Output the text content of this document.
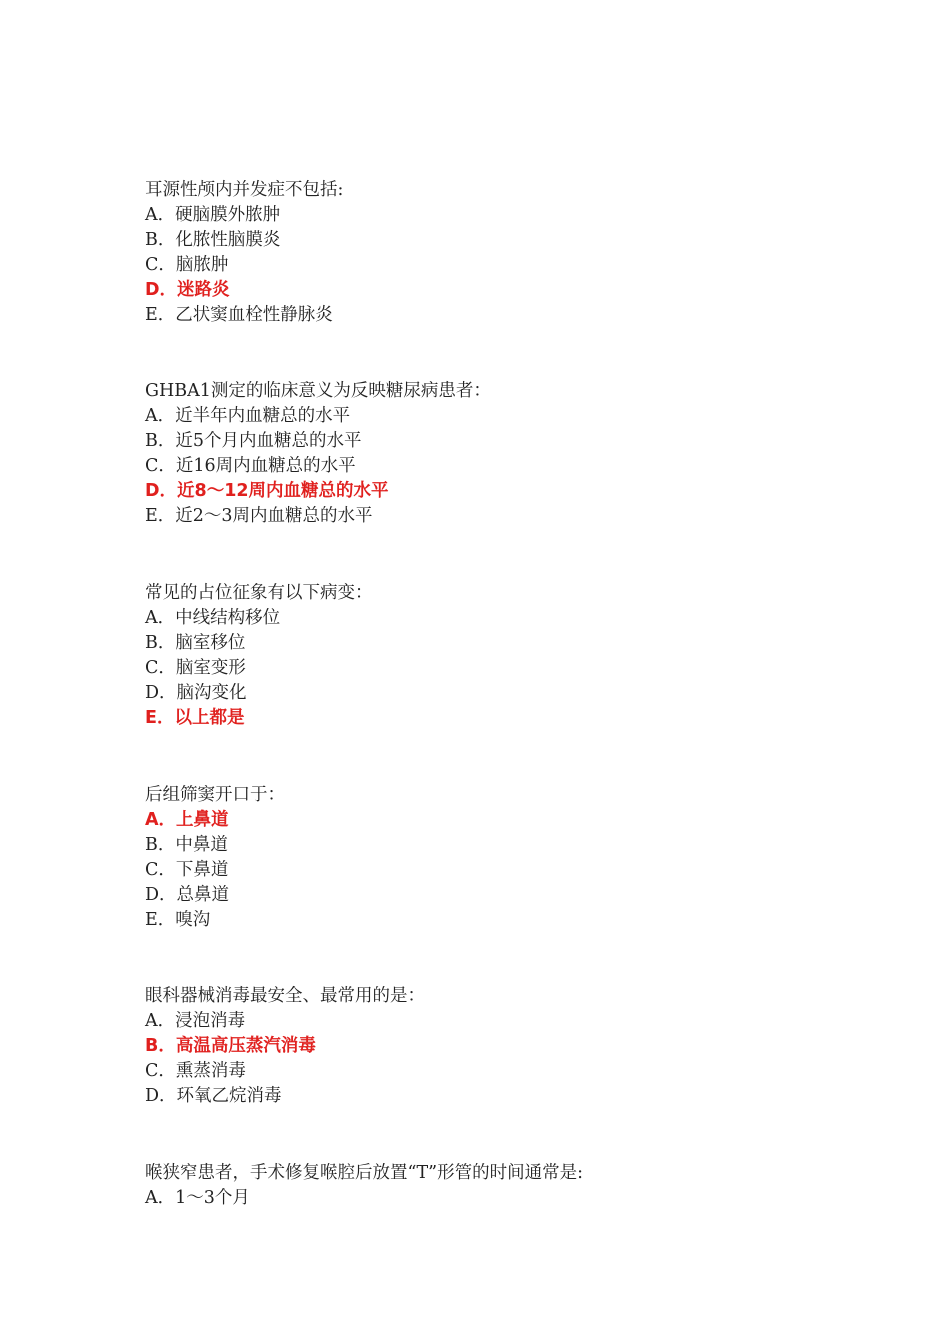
耳源性颅内并发症不包括:
A．硬脑膜外脓肿
B．化脓性脑膜炎
C．脑脓肿
D．迷路炎
E．乙状窦血栓性静脉炎
GHBA1测定的临床意义为反映糖尿病患者：
A．近半年内血糖总的水平
B．近5个月内血糖总的水平
C．近16周内血糖总的水平
D．近8～12周内血糖总的水平
E．近2～3周内血糖总的水平
常见的占位征象有以下病变：
A．中线结构移位
B．脑室移位
C．脑室变形
D．脑沟变化
E．以上都是
后组筛窦开口于：
A．上鼻道
B．中鼻道
C．下鼻道
D．总鼻道
E．嗅沟
眼科器械消毒最安全、最常用的是：
A．浸泡消毒
B．高温高压蒸汽消毒
C．熏蒸消毒
D．环氧乙烷消毒
喉狭窄患者，手术修复喉腔后放置“T”形管的时间通常是:
A．1～3个月
